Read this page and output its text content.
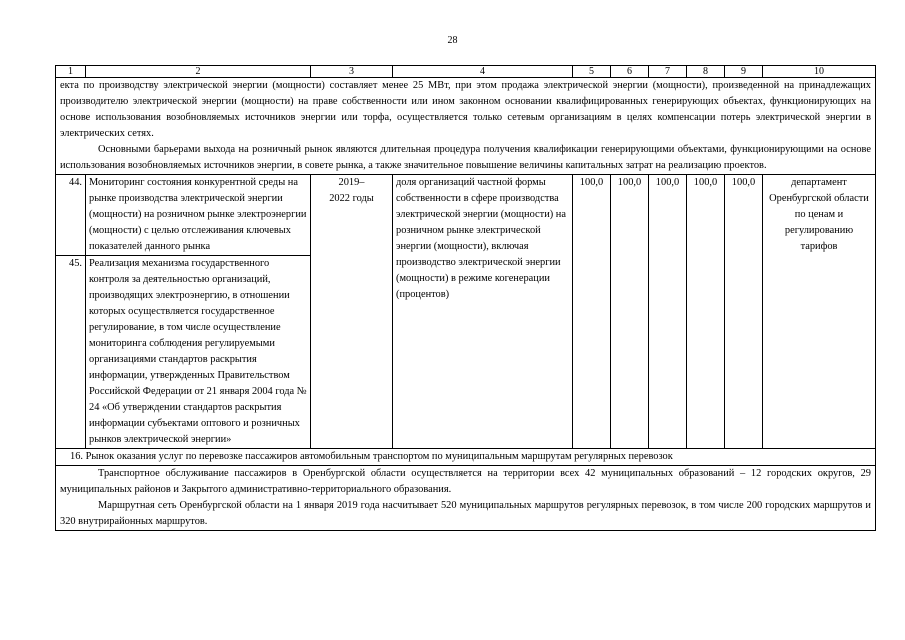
28
1	2	3	4	5	6	7	8	9	10

екта по производству электрической энергии (мощности) составляет менее 25 МВт, при этом продажа электрической энергии (мощности), произведенной на принадлежащих производителю электрической энергии (мощности) на праве собственности или ином законном основании квалифицированных генерирующих объектах, функционирующих на основе использования возобновляемых источников энергии или торфа, осуществляется только сетевым организациям в целях компенсации потерь электрической энергии в электрических сетях.
Основными барьерами выхода на розничный рынок являются длительная процедура получения квалификации генерирующими объектами, функционирующими на основе использования возобновляемых источников энергии, в совете рынка, а также значительное повышение величины капитальных затрат на реализацию проектов.									

44.	Мониторинг состояния конкурентной среды на рынке производства электрической энергии (мощности) на розничном рынке электроэнергии (мощности) с целью отслеживания ключевых показателей данного рынка	2019–
2022 годы	доля организаций частной формы собственности в сфере производства электрической энергии (мощности) на розничном рынке электрической энергии (мощности), включая производство электрической энергии (мощности) в режиме когенерации (процентов)	100,0	100,0	100,0	100,0	100,0	департамент Оренбургской области по ценам и регулированию тарифов
45.	Реализация механизма государственного контроля за деятельностью организаций, производящих электроэнергию, в отношении которых осуществляется государственное регулирование, в том числе осуществление мониторинга соблюдения регулируемыми организациями стандартов раскрытия информации, утвержденных Правительством Российской Федерации от 21 января 2004 года № 24 «Об утверждении стандартов раскрытия информации субъектами оптового и розничных рынков электрической энергии»								
16. Рынок оказания услуг по перевозке пассажиров автомобильным транспортом по муниципальным маршрутам регулярных перевозок									

Транспортное обслуживание пассажиров в Оренбургской области осуществляется на территории всех 42 муниципальных образований – 12 городских округов, 29 муниципальных районов и Закрытого административно-территориального образования.
Маршрутная сеть Оренбургской области на 1 января 2019 года насчитывает 520 муниципальных маршрутов регулярных перевозок, в том числе 200 городских маршрутов и 320 внутрирайонных маршрутов.									
